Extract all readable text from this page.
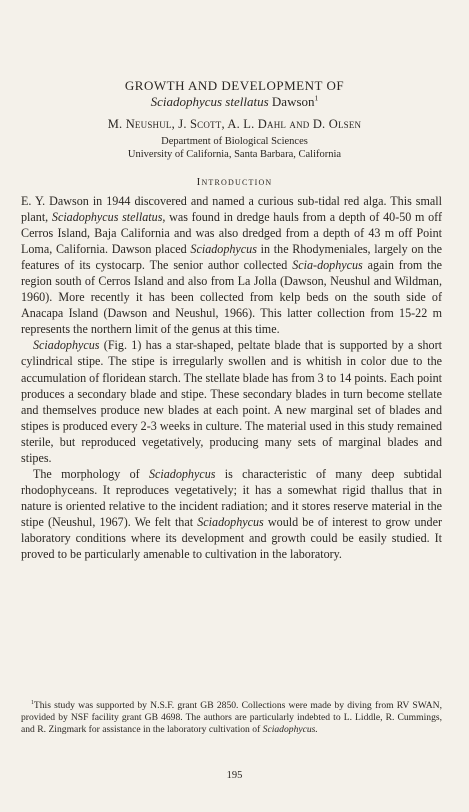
GROWTH AND DEVELOPMENT OF
Sciadophycus stellatus Dawson$^1$
M. Neushul, J. Scott, A. L. Dahl and D. Olsen
Department of Biological Sciences
University of California, Santa Barbara, California
Introduction

E. Y. Dawson in 1944 discovered and named a curious sub-tidal red alga. This small plant, Sciadophycus stellatus, was found in dredge hauls from a depth of 40-50 m off Cerros Island, Baja California and was also dredged from a depth of 43 m off Point Loma, California. Dawson placed Sciadophycus in the Rhodymeniales, largely on the features of its cystocarp. The senior author collected Scia-dophycus again from the region south of Cerros Island and also from La Jolla (Dawson, Neushul and Wildman, 1960). More recently it has been collected from kelp beds on the south side of Anacapa Island (Dawson and Neushul, 1966). This latter collection from 15-22 m represents the northern limit of the genus at this time.

Sciadophycus (Fig. 1) has a star-shaped, peltate blade that is supported by a short cylindrical stipe. The stipe is irregularly swollen and is whitish in color due to the accumulation of floridean starch. The stellate blade has from 3 to 14 points. Each point produces a secondary blade and stipe. These secondary blades in turn become stellate and themselves produce new blades at each point. A new marginal set of blades and stipes is produced every 2-3 weeks in culture. The material used in this study remained sterile, but reproduced vegetatively, producing many sets of marginal blades and stipes.

The morphology of Sciadophycus is characteristic of many deep subtidal rhodophyceans. It reproduces vegetatively; it has a somewhat rigid thallus that in nature is oriented relative to the incident radiation; and it stores reserve material in the stipe (Neushul, 1967). We felt that Sciadophycus would be of interest to grow under laboratory conditions where its development and growth could be easily studied. It proved to be particularly amenable to cultivation in the laboratory.

$^1$This study was supported by N.S.F. grant GB 2850. Collections were made by diving from RV SWAN, provided by NSF facility grant GB 4698. The authors are particularly indebted to L. Liddle, R. Cummings, and R. Zingmark for assistance in the laboratory cultivation of Sciadophycus.

195
